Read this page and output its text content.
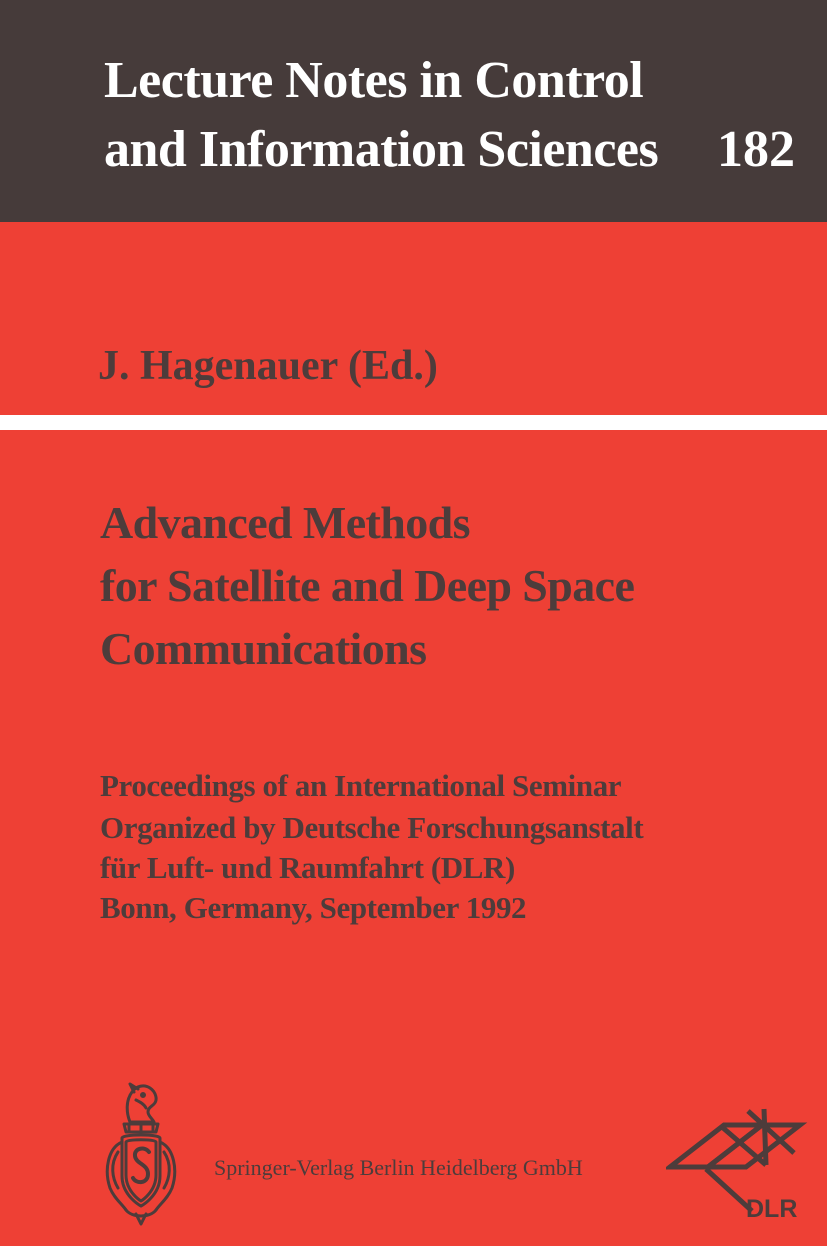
Lecture Notes in Control
and Information Sciences 182
J. Hagenauer (Ed.)
Advanced Methods
for Satellite and Deep Space
Communications
Proceedings of an International Seminar
Organized by Deutsche Forschungsanstalt
für Luft- und Raumfahrt (DLR)
Bonn, Germany, September 1992
Springer-Verlag Berlin Heidelberg GmbH
DLR
